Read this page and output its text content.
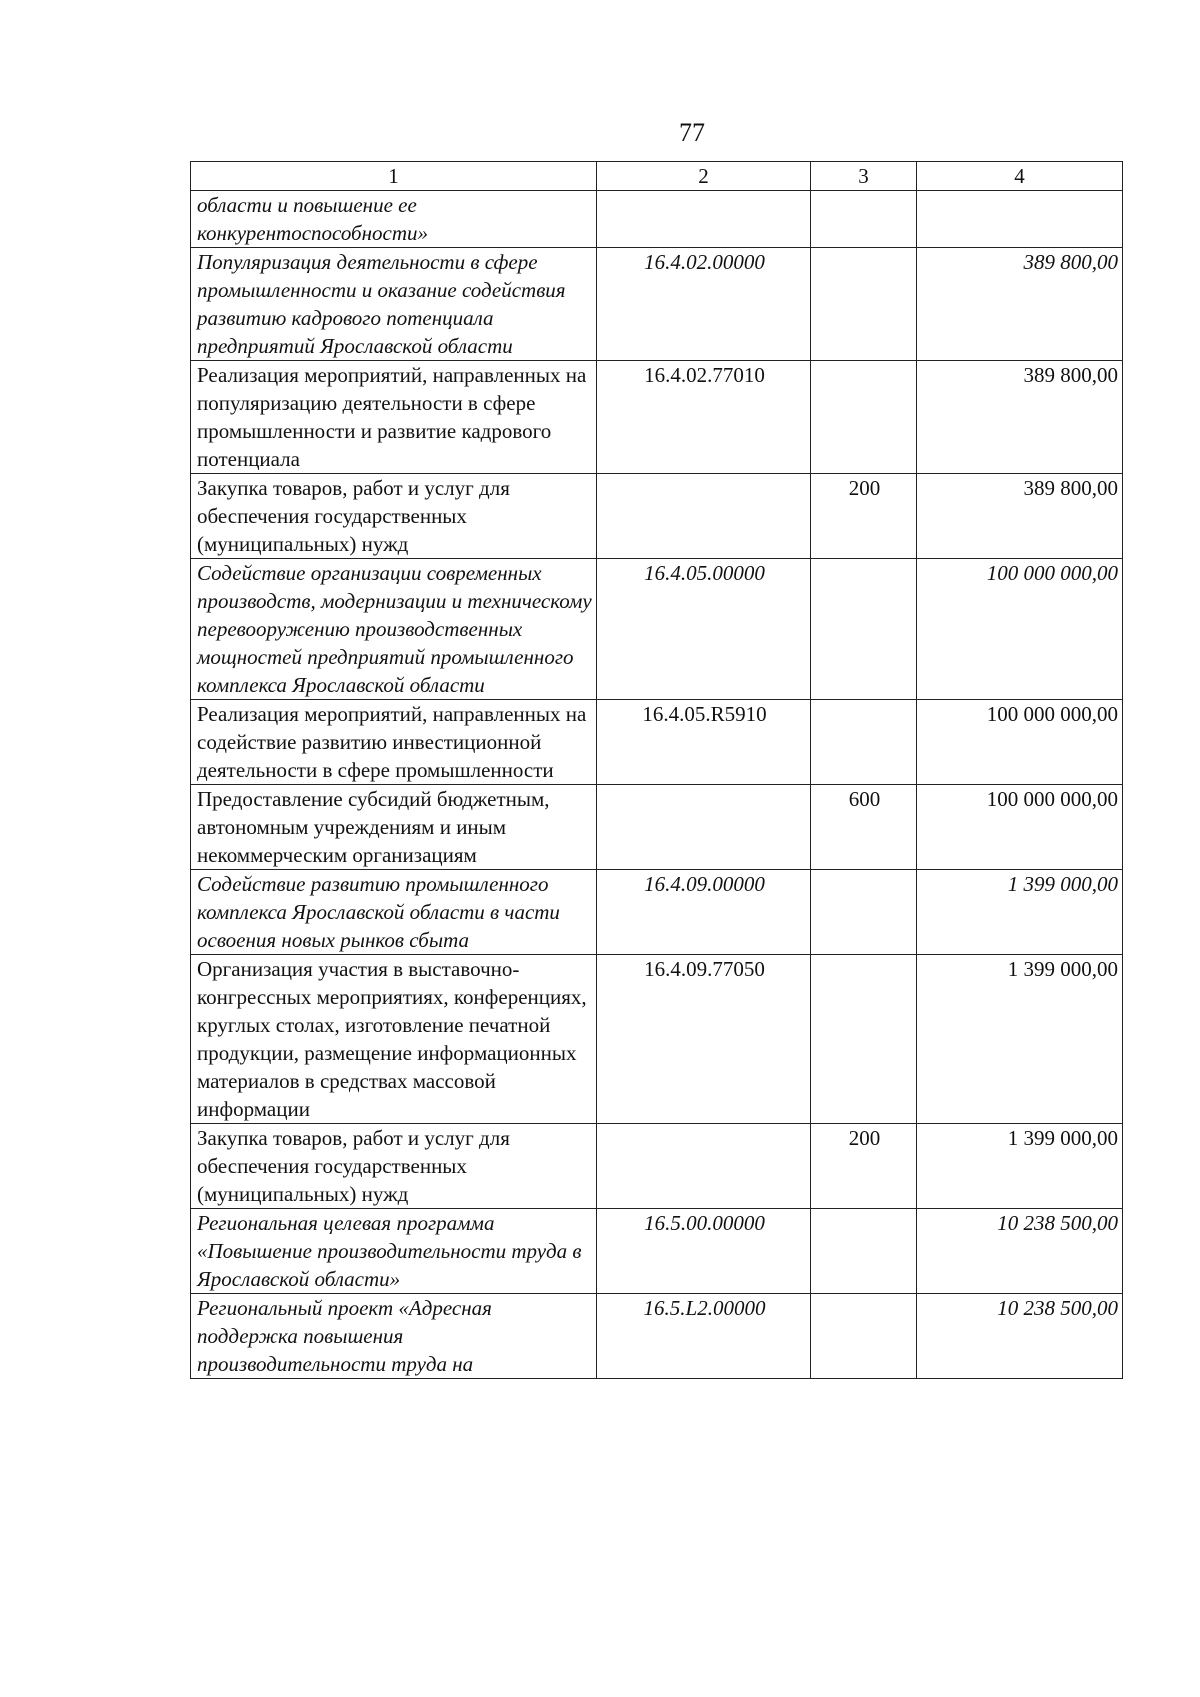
77
1	2	3	4
области и повышение ее конкурентоспособности»			
Популяризация деятельности в сфере промышленности и оказание содействия развитию кадрового потенциала предприятий Ярославской области	16.4.02.00000		389 800,00
Реализация мероприятий, направленных на популяризацию деятельности в сфере промышленности и развитие кадрового потенциала	16.4.02.77010		389 800,00
Закупка товаров, работ и услуг для обеспечения государственных (муниципальных) нужд		200	389 800,00
Содействие организации современных производств, модернизации и техническому перевооружению производственных мощностей предприятий промышленного комплекса Ярославской области	16.4.05.00000		100 000 000,00
Реализация мероприятий, направленных на содействие развитию инвестиционной деятельности в сфере промышленности	16.4.05.R5910		100 000 000,00
Предоставление субсидий бюджетным, автономным учреждениям и иным некоммерческим организациям		600	100 000 000,00
Содействие развитию промышленного комплекса Ярославской области в части освоения новых рынков сбыта	16.4.09.00000		1 399 000,00
Организация участия в выставочно-конгрессных мероприятиях, конференциях, круглых столах, изготовление печатной продукции, размещение информационных материалов в средствах массовой информации	16.4.09.77050		1 399 000,00
Закупка товаров, работ и услуг для обеспечения государственных (муниципальных) нужд		200	1 399 000,00
Региональная целевая программа «Повышение производительности труда в Ярославской области»	16.5.00.00000		10 238 500,00
Региональный проект «Адресная поддержка повышения производительности труда на	16.5.L2.00000		10 238 500,00
